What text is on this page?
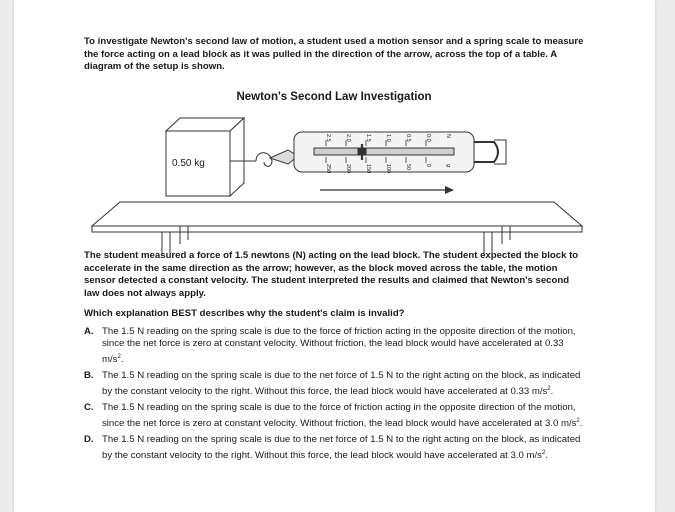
To investigate Newton's second law of motion, a student used a motion sensor and a spring scale to measure the force acting on a lead block as it was pulled in the direction of the arrow, across the top of a table. A diagram of the setup is shown.

Newton's Second Law Investigation
0.50 kg
2.5	2.0	1.5	1.0	0.5	0.0	N
250	200	150	100	50	0	g

The student measured a force of 1.5 newtons (N) acting on the lead block. The student expected the block to accelerate in the same direction as the arrow; however, as the block moved across the table, the motion sensor detected a constant velocity. The student interpreted the results and claimed that Newton's second law does not always apply.

Which explanation BEST describes why the student's claim is invalid?

A. The 1.5 N reading on the spring scale is due to the force of friction acting in the opposite direction of the motion, since the net force is zero at constant velocity. Without friction, the lead block would have accelerated at 0.33 $m/s^2$.
B. The 1.5 N reading on the spring scale is due to the net force of 1.5 N to the right acting on the block, as indicated by the constant velocity to the right. Without this force, the lead block would have accelerated at 0.33 $m/s^2$.
C. The 1.5 N reading on the spring scale is due to the force of friction acting in the opposite direction of the motion, since the net force is zero at constant velocity. Without friction, the lead block would have accelerated at 3.0 $m/s^2$.
D. The 1.5 N reading on the spring scale is due to the net force of 1.5 N to the right acting on the block, as indicated by the constant velocity to the right. Without this force, the lead block would have accelerated at 3.0 $m/s^2$.
